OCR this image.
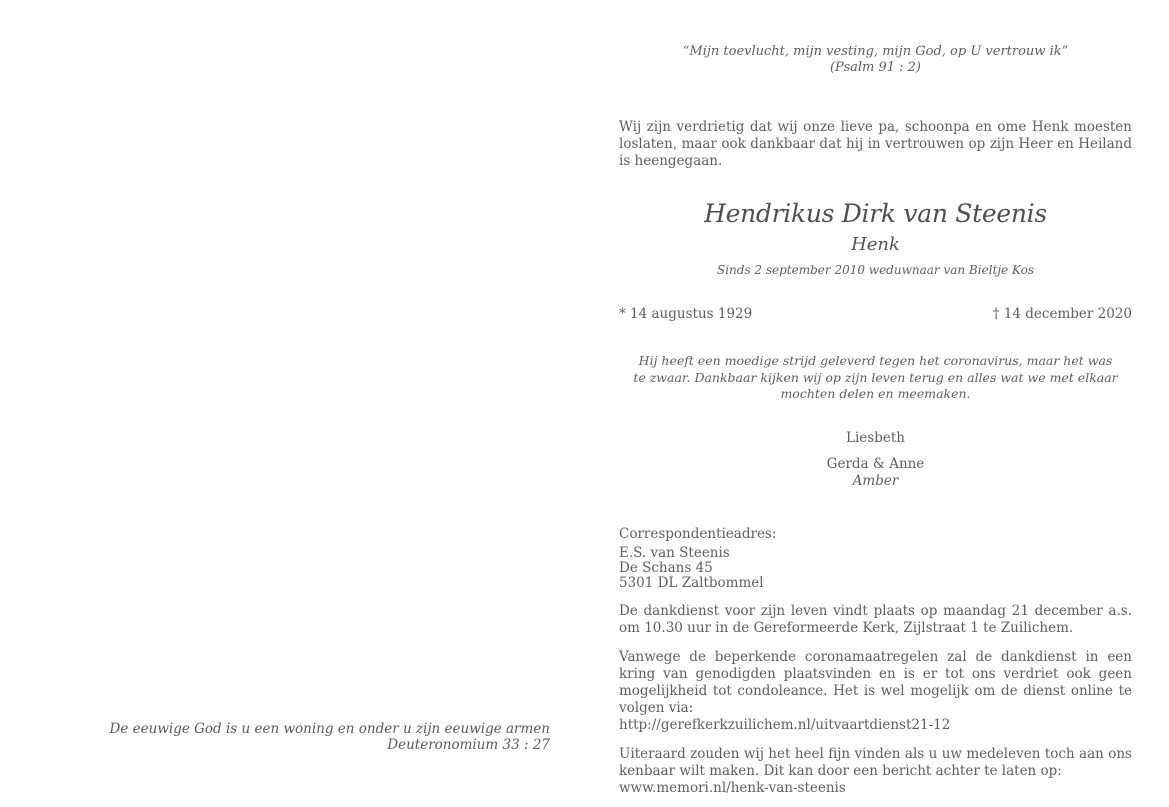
De eeuwige God is u een woning en onder u zijn eeuwige armen
Deuteronomium 33 : 27
“Mijn toevlucht, mijn vesting, mijn God, op U vertrouw ik”
(Psalm 91 : 2)
Wij zijn verdrietig dat wij onze lieve pa, schoonpa en ome Henk moesten loslaten, maar ook dankbaar dat hij in vertrouwen op zijn Heer en Heiland is heengegaan.
Hendrikus Dirk van Steenis
Henk
Sinds 2 september 2010 weduwnaar van Bieltje Kos
* 14 augustus 1929	† 14 december 2020
Hij heeft een moedige strijd geleverd tegen het coronavirus, maar het was te zwaar. Dankbaar kijken wij op zijn leven terug en alles wat we met elkaar mochten delen en meemaken.
Liesbeth
Gerda & Anne
Amber
Correspondentieadres:
E.S. van Steenis
De Schans 45
5301 DL Zaltbommel
De dankdienst voor zijn leven vindt plaats op maandag 21 december a.s. om 10.30 uur in de Gereformeerde Kerk, Zijlstraat 1 te Zuilichem.
Vanwege de beperkende coronamaatregelen zal de dankdienst in een kring van genodigden plaatsvinden en is er tot ons verdriet ook geen mogelijkheid tot condoleance. Het is wel mogelijk om de dienst online te volgen via:
http://gerefkerkzuilichem.nl/uitvaartdienst21-12
Uiteraard zouden wij het heel fijn vinden als u uw medeleven toch aan ons kenbaar wilt maken. Dit kan door een bericht achter te laten op:
www.memori.nl/henk-van-steenis
